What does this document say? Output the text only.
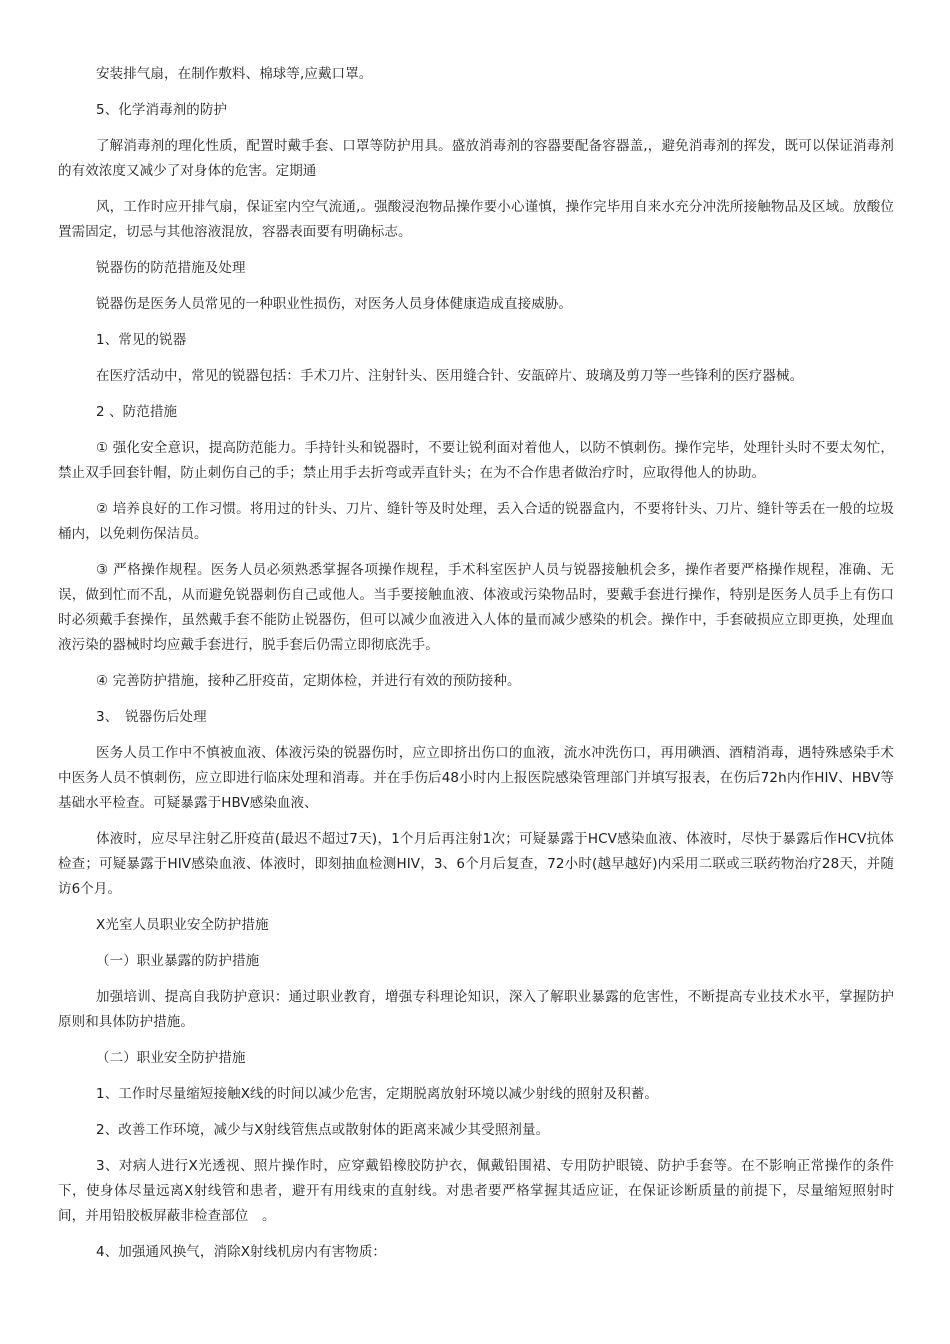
安装排气扇，在制作敷料、棉球等,应戴口罩。

5、化学消毒剂的防护

了解消毒剂的理化性质，配置时戴手套、口罩等防护用具。盛放消毒剂的容器要配备容器盖,，避免消毒剂的挥发，既可以保证消毒剂的有效浓度又减少了对身体的危害。定期通

风，工作时应开排气扇，保证室内空气流通,。强酸浸泡物品操作要小心谨慎，操作完毕用自来水充分冲洗所接触物品及区域。放酸位置需固定，切忌与其他溶液混放，容器表面要有明确标志。

锐器伤的防范措施及处理

锐器伤是医务人员常见的一种职业性损伤，对医务人员身体健康造成直接威胁。

1、常见的锐器

在医疗活动中，常见的锐器包括：手术刀片、注射针头、医用缝合针、安瓿碎片、玻璃及剪刀等一些锋利的医疗器械。

2 、防范措施

① 强化安全意识，提高防范能力。手持针头和锐器时，不要让锐利面对着他人，以防不慎刺伤。操作完毕，处理针头时不要太匆忙，禁止双手回套针帽，防止刺伤自己的手；禁止用手去折弯或弄直针头；在为不合作患者做治疗时，应取得他人的协助。

② 培养良好的工作习惯。将用过的针头、刀片、缝针等及时处理，丢入合适的锐器盒内，不要将针头、刀片、缝针等丢在一般的垃圾桶内，以免刺伤保洁员。

③ 严格操作规程。医务人员必须熟悉掌握各项操作规程，手术科室医护人员与锐器接触机会多，操作者要严格操作规程，准确、无误，做到忙而不乱，从而避免锐器刺伤自己或他人。当手要接触血液、体液或污染物品时，要戴手套进行操作，特别是医务人员手上有伤口时必须戴手套操作，虽然戴手套不能防止锐器伤，但可以减少血液进入人体的量而减少感染的机会。操作中，手套破损应立即更换，处理血液污染的器械时均应戴手套进行，脱手套后仍需立即彻底洗手。

④ 完善防护措施，接种乙肝疫苗，定期体检，并进行有效的预防接种。

3、　锐器伤后处理

医务人员工作中不慎被血液、体液污染的锐器伤时，应立即挤出伤口的血液，流水冲洗伤口，再用碘酒、酒精消毒，遇特殊感染手术中医务人员不慎刺伤，应立即进行临床处理和消毒。并在手伤后48小时内上报医院感染管理部门并填写报表，在伤后72h内作HIV、HBV等基础水平检查。可疑暴露于HBV感染血液、

体液时，应尽早注射乙肝疫苗(最迟不超过7天)，1个月后再注射1次；可疑暴露于HCV感染血液、体液时，尽快于暴露后作HCV抗体检查；可疑暴露于HIV感染血液、体液时，即刻抽血检测HIV，3、6个月后复查，72小时(越早越好)内采用二联或三联药物治疗28天，并随访6个月。

X光室人员职业安全防护措施

（一）职业暴露的防护措施

加强培训、提高自我防护意识：通过职业教育，增强专科理论知识，深入了解职业暴露的危害性，不断提高专业技术水平，掌握防护原则和具体防护措施。

（二）职业安全防护措施

1、工作时尽量缩短接触X线的时间以减少危害，定期脱离放射环境以减少射线的照射及积蓄。

2、改善工作环境，减少与X射线管焦点或散射体的距离来减少其受照剂量。

3、对病人进行X光透视、照片操作时，应穿戴铅橡胶防护衣，佩戴铅围裙、专用防护眼镜、防护手套等。在不影响正常操作的条件下，使身体尽量远离X射线管和患者，避开有用线束的直射线。对患者要严格掌握其适应证，在保证诊断质量的前提下，尽量缩短照射时间，并用铅胶板屏蔽非检查部位　。

4、加强通风换气，消除X射线机房内有害物质：
